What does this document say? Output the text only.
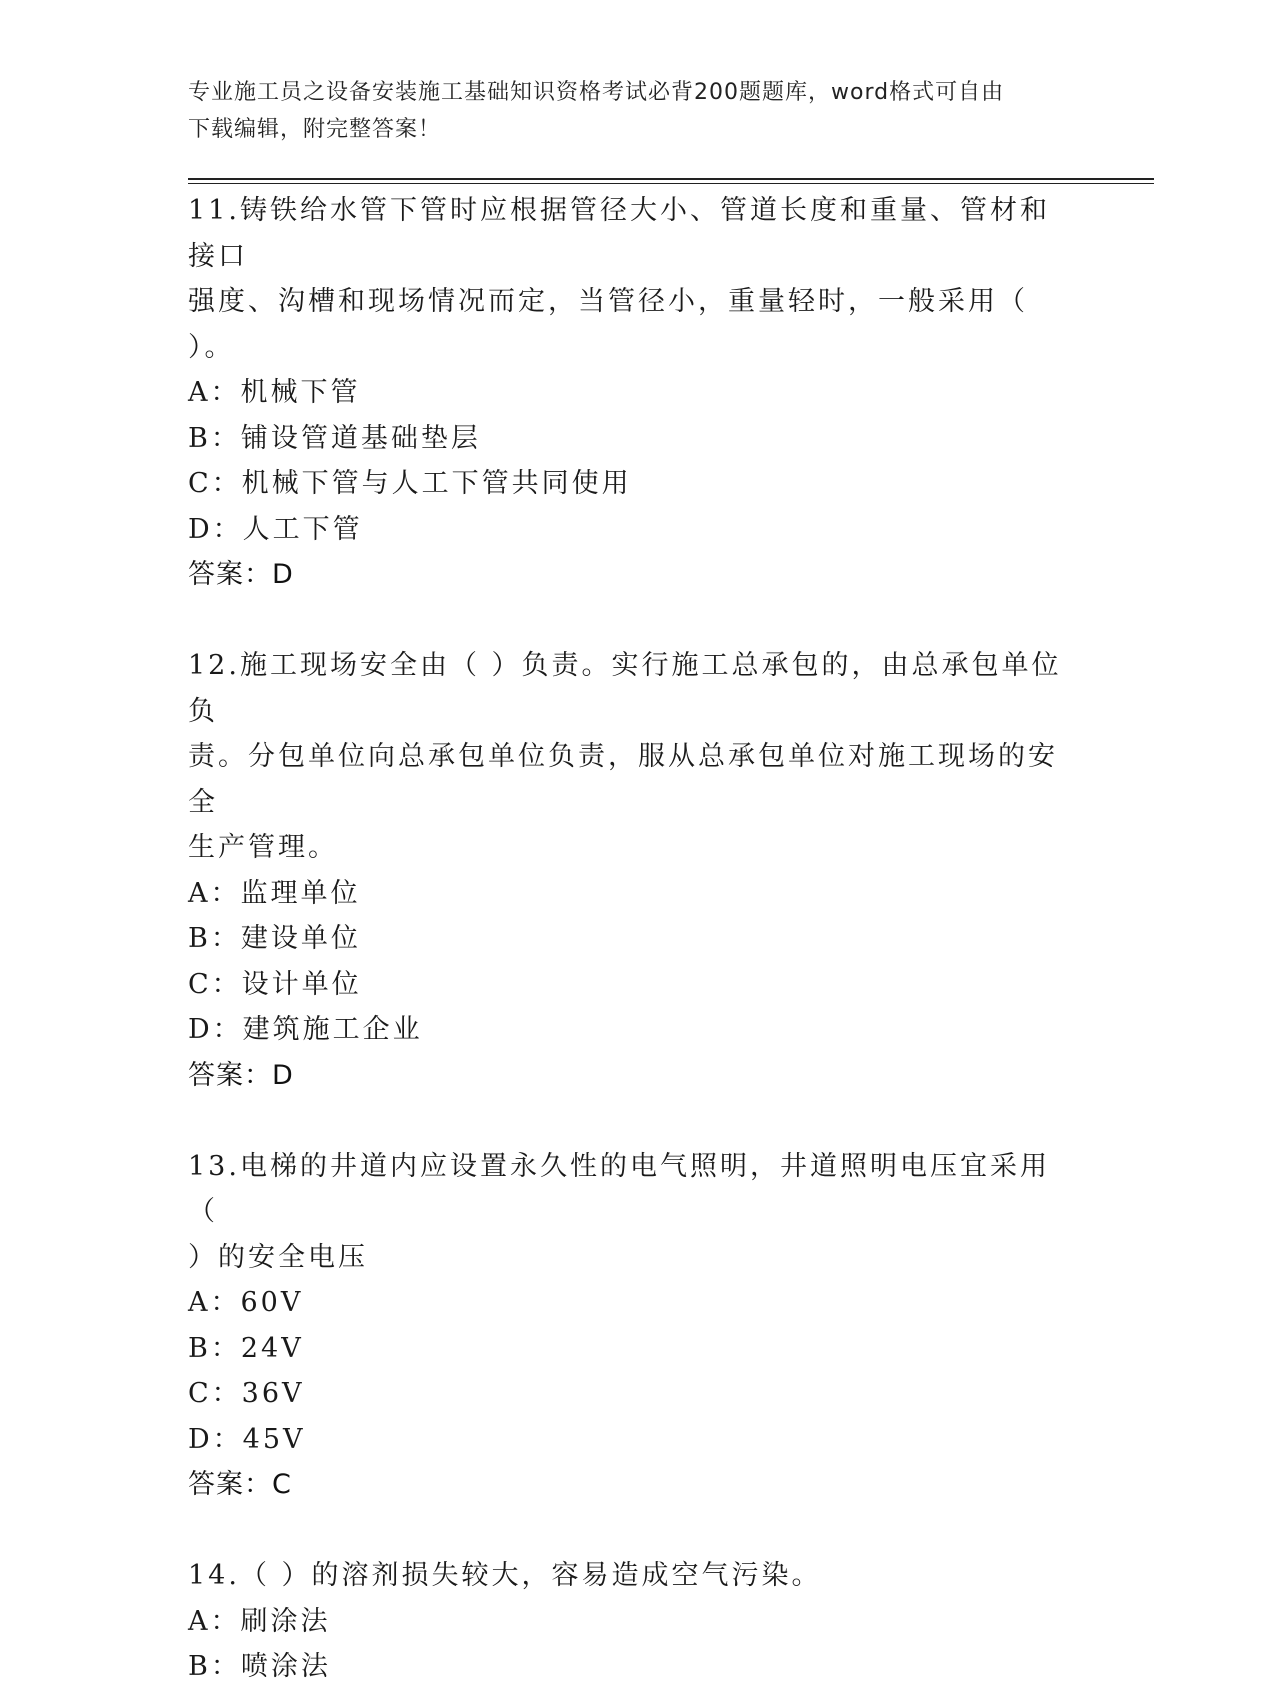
专业施工员之设备安装施工基础知识资格考试必背200题题库，word格式可自由
下载编辑，附完整答案！
11.铸铁给水管下管时应根据管径大小、管道长度和重量、管材和接口
强度、沟槽和现场情况而定，当管径小，重量轻时，一般采用（ ）。
A：机械下管
B：铺设管道基础垫层
C：机械下管与人工下管共同使用
D：人工下管
答案：D
12.施工现场安全由（ ）负责。实行施工总承包的，由总承包单位负
责。分包单位向总承包单位负责，服从总承包单位对施工现场的安全
生产管理。
A：监理单位
B：建设单位
C：设计单位
D：建筑施工企业
答案：D
13.电梯的井道内应设置永久性的电气照明，井道照明电压宜采用（
）的安全电压
A：60V
B：24V
C：36V
D：45V
答案：C
14.（ ）的溶剂损失较大，容易造成空气污染。
A：刷涂法
B：喷涂法
